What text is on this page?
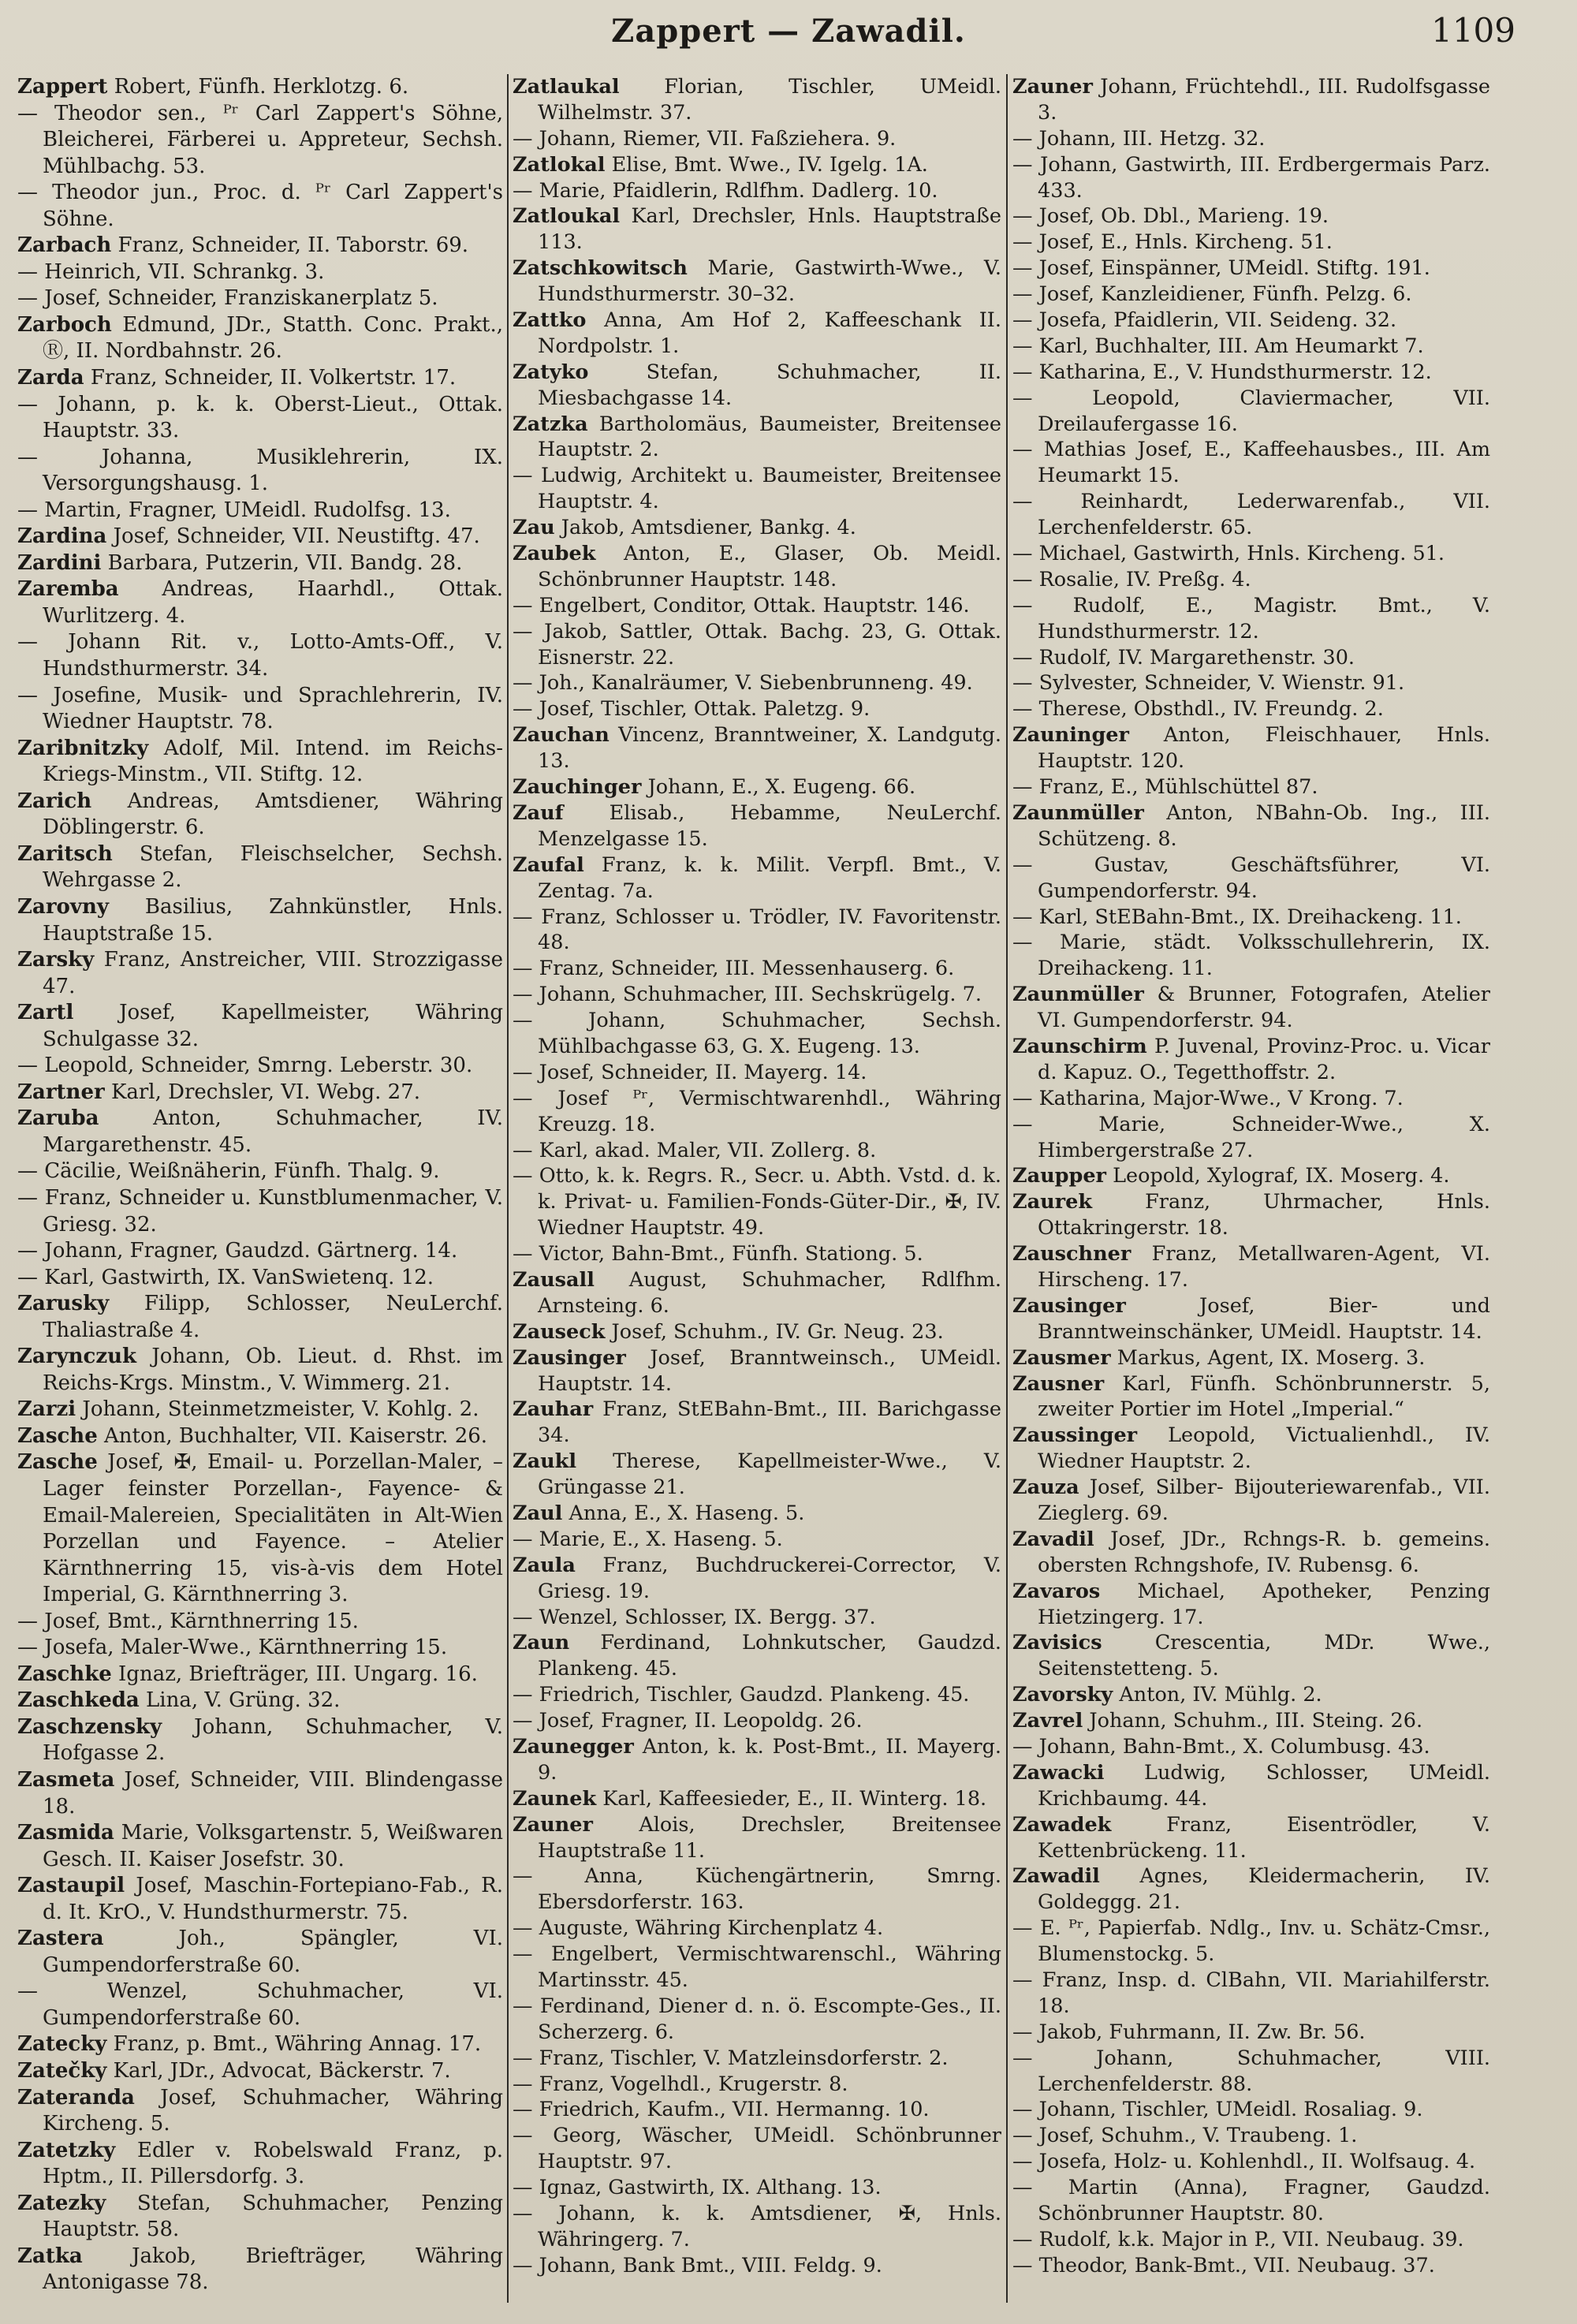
Zappert — Zawadil.	1109

Zappert Robert, Fünfh. Herklotzg. 6.

— Theodor sen., ᴾʳ Carl Zappert's Söhne, Bleicherei, Färberei u. Appreteur, Sechsh. Mühlbachg. 53.

— Theodor jun., Proc. d. ᴾʳ Carl Zappert's Söhne.

Zarbach Franz, Schneider, II. Taborstr. 69.

— Heinrich, VII. Schrankg. 3.

— Josef, Schneider, Franziskanerplatz 5.

Zarboch Edmund, JDr., Statth. Conc. Prakt., Ⓡ, II. Nordbahnstr. 26.

Zarda Franz, Schneider, II. Volkertstr. 17.

— Johann, p. k. k. Oberst-Lieut., Ottak. Hauptstr. 33.

— Johanna, Musiklehrerin, IX. Versorgungshausg. 1.

— Martin, Fragner, UMeidl. Rudolfsg. 13.

Zardina Josef, Schneider, VII. Neustiftg. 47.

Zardini Barbara, Putzerin, VII. Bandg. 28.

Zaremba Andreas, Haarhdl., Ottak. Wurlitzerg. 4.

— Johann Rit. v., Lotto-Amts-Off., V. Hundsthurmerstr. 34.

— Josefine, Musik- und Sprachlehrerin, IV. Wiedner Hauptstr. 78.

Zaribnitzky Adolf, Mil. Intend. im Reichs-Kriegs-Minstm., VII. Stiftg. 12.

Zarich Andreas, Amtsdiener, Währing Döblingerstr. 6.

Zaritsch Stefan, Fleischselcher, Sechsh. Wehrgasse 2.

Zarovny Basilius, Zahnkünstler, Hnls. Hauptstraße 15.

Zarsky Franz, Anstreicher, VIII. Strozzigasse 47.

Zartl Josef, Kapellmeister, Währing Schulgasse 32.

— Leopold, Schneider, Smrng. Leberstr. 30.

Zartner Karl, Drechsler, VI. Webg. 27.

Zaruba Anton, Schuhmacher, IV. Margarethenstr. 45.

— Cäcilie, Weißnäherin, Fünfh. Thalg. 9.

— Franz, Schneider u. Kunstblumenmacher, V. Griesg. 32.

— Johann, Fragner, Gaudzd. Gärtnerg. 14.

— Karl, Gastwirth, IX. VanSwietenq. 12.

Zarusky Filipp, Schlosser, NeuLerchf. Thaliastraße 4.

Zarynczuk Johann, Ob. Lieut. d. Rhst. im Reichs-Krgs. Minstm., V. Wimmerg. 21.

Zarzi Johann, Steinmetzmeister, V. Kohlg. 2.

Zasche Anton, Buchhalter, VII. Kaiserstr. 26.

Zasche Josef, ✠, Email- u. Porzellan-Maler, – Lager feinster Porzellan-, Fayence- & Email-Malereien, Specialitäten in Alt-Wien Porzellan und Fayence. – Atelier Kärnthnerring 15, vis-à-vis dem Hotel Imperial, G. Kärnthnerring 3.

— Josef, Bmt., Kärnthnerring 15.

— Josefa, Maler-Wwe., Kärnthnerring 15.

Zaschke Ignaz, Briefträger, III. Ungarg. 16.

Zaschkeda Lina, V. Grüng. 32.

Zaschzensky Johann, Schuhmacher, V. Hofgasse 2.

Zasmeta Josef, Schneider, VIII. Blindengasse 18.

Zasmida Marie, Volksgartenstr. 5, Weißwaren Gesch. II. Kaiser Josefstr. 30.

Zastaupil Josef, Maschin-Fortepiano-Fab., R. d. It. KrO., V. Hundsthurmerstr. 75.

Zastera Joh., Spängler, VI. Gumpendorferstraße 60.

— Wenzel, Schuhmacher, VI. Gumpendorferstraße 60.

Zatecky Franz, p. Bmt., Währing Annag. 17.

Zatečky Karl, JDr., Advocat, Bäckerstr. 7.

Zateranda Josef, Schuhmacher, Währing Kircheng. 5.

Zatetzky Edler v. Robelswald Franz, p. Hptm., II. Pillersdorfg. 3.

Zatezky Stefan, Schuhmacher, Penzing Hauptstr. 58.

Zatka Jakob, Briefträger, Währing Antonigasse 78.

Zatlaukal Florian, Tischler, UMeidl. Wilhelmstr. 37.

— Johann, Riemer, VII. Faßziehera. 9.

Zatlokal Elise, Bmt. Wwe., IV. Igelg. 1A.

— Marie, Pfaidlerin, Rdlfhm. Dadlerg. 10.

Zatloukal Karl, Drechsler, Hnls. Hauptstraße 113.

Zatschkowitsch Marie, Gastwirth-Wwe., V. Hundsthurmerstr. 30–32.

Zattko Anna, Am Hof 2, Kaffeeschank II. Nordpolstr. 1.

Zatyko Stefan, Schuhmacher, II. Miesbachgasse 14.

Zatzka Bartholomäus, Baumeister, Breitensee Hauptstr. 2.

— Ludwig, Architekt u. Baumeister, Breitensee Hauptstr. 4.

Zau Jakob, Amtsdiener, Bankg. 4.

Zaubek Anton, E., Glaser, Ob. Meidl. Schönbrunner Hauptstr. 148.

— Engelbert, Conditor, Ottak. Hauptstr. 146.

— Jakob, Sattler, Ottak. Bachg. 23, G. Ottak. Eisnerstr. 22.

— Joh., Kanalräumer, V. Siebenbrunneng. 49.

— Josef, Tischler, Ottak. Paletzg. 9.

Zauchan Vincenz, Branntweiner, X. Landgutg. 13.

Zauchinger Johann, E., X. Eugeng. 66.

Zauf Elisab., Hebamme, NeuLerchf. Menzelgasse 15.

Zaufal Franz, k. k. Milit. Verpfl. Bmt., V. Zentag. 7a.

— Franz, Schlosser u. Trödler, IV. Favoritenstr. 48.

— Franz, Schneider, III. Messenhauserg. 6.

— Johann, Schuhmacher, III. Sechskrügelg. 7.

— Johann, Schuhmacher, Sechsh. Mühlbachgasse 63, G. X. Eugeng. 13.

— Josef, Schneider, II. Mayerg. 14.

— Josef ᴾʳ, Vermischtwarenhdl., Währing Kreuzg. 18.

— Karl, akad. Maler, VII. Zollerg. 8.

— Otto, k. k. Regrs. R., Secr. u. Abth. Vstd. d. k. k. Privat- u. Familien-Fonds-Güter-Dir., ✠, IV. Wiedner Hauptstr. 49.

— Victor, Bahn-Bmt., Fünfh. Stationg. 5.

Zausall August, Schuhmacher, Rdlfhm. Arnsteing. 6.

Zauseck Josef, Schuhm., IV. Gr. Neug. 23.

Zausinger Josef, Branntweinsch., UMeidl. Hauptstr. 14.

Zauhar Franz, StEBahn-Bmt., III. Barichgasse 34.

Zaukl Therese, Kapellmeister-Wwe., V. Grüngasse 21.

Zaul Anna, E., X. Haseng. 5.

— Marie, E., X. Haseng. 5.

Zaula Franz, Buchdruckerei-Corrector, V. Griesg. 19.

— Wenzel, Schlosser, IX. Bergg. 37.

Zaun Ferdinand, Lohnkutscher, Gaudzd. Plankeng. 45.

— Friedrich, Tischler, Gaudzd. Plankeng. 45.

— Josef, Fragner, II. Leopoldg. 26.

Zaunegger Anton, k. k. Post-Bmt., II. Mayerg. 9.

Zaunek Karl, Kaffeesieder, E., II. Winterg. 18.

Zauner Alois, Drechsler, Breitensee Hauptstraße 11.

— Anna, Küchengärtnerin, Smrng. Ebersdorferstr. 163.

— Auguste, Währing Kirchenplatz 4.

— Engelbert, Vermischtwarenschl., Währing Martinsstr. 45.

— Ferdinand, Diener d. n. ö. Escompte-Ges., II. Scherzerg. 6.

— Franz, Tischler, V. Matzleinsdorferstr. 2.

— Franz, Vogelhdl., Krugerstr. 8.

— Friedrich, Kaufm., VII. Hermanng. 10.

— Georg, Wäscher, UMeidl. Schönbrunner Hauptstr. 97.

— Ignaz, Gastwirth, IX. Althang. 13.

— Johann, k. k. Amtsdiener, ✠, Hnls. Währingerg. 7.

— Johann, Bank Bmt., VIII. Feldg. 9.

Zauner Johann, Früchtehdl., III. Rudolfsgasse 3.

— Johann, III. Hetzg. 32.

— Johann, Gastwirth, III. Erdbergermais Parz. 433.

— Josef, Ob. Dbl., Marieng. 19.

— Josef, E., Hnls. Kircheng. 51.

— Josef, Einspänner, UMeidl. Stiftg. 191.

— Josef, Kanzleidiener, Fünfh. Pelzg. 6.

— Josefa, Pfaidlerin, VII. Seideng. 32.

— Karl, Buchhalter, III. Am Heumarkt 7.

— Katharina, E., V. Hundsthurmerstr. 12.

— Leopold, Claviermacher, VII. Dreilaufergasse 16.

— Mathias Josef, E., Kaffeehausbes., III. Am Heumarkt 15.

— Reinhardt, Lederwarenfab., VII. Lerchenfelderstr. 65.

— Michael, Gastwirth, Hnls. Kircheng. 51.

— Rosalie, IV. Preßg. 4.

— Rudolf, E., Magistr. Bmt., V. Hundsthurmerstr. 12.

— Rudolf, IV. Margarethenstr. 30.

— Sylvester, Schneider, V. Wienstr. 91.

— Therese, Obsthdl., IV. Freundg. 2.

Zauninger Anton, Fleischhauer, Hnls. Hauptstr. 120.

— Franz, E., Mühlschüttel 87.

Zaunmüller Anton, NBahn-Ob. Ing., III. Schützeng. 8.

— Gustav, Geschäftsführer, VI. Gumpendorferstr. 94.

— Karl, StEBahn-Bmt., IX. Dreihackeng. 11.

— Marie, städt. Volksschullehrerin, IX. Dreihackeng. 11.

Zaunmüller & Brunner, Fotografen, Atelier VI. Gumpendorferstr. 94.

Zaunschirm P. Juvenal, Provinz-Proc. u. Vicar d. Kapuz. O., Tegetthoffstr. 2.

— Katharina, Major-Wwe., V Krong. 7.

— Marie, Schneider-Wwe., X. Himbergerstraße 27.

Zaupper Leopold, Xylograf, IX. Moserg. 4.

Zaurek Franz, Uhrmacher, Hnls. Ottakringerstr. 18.

Zauschner Franz, Metallwaren-Agent, VI. Hirscheng. 17.

Zausinger Josef, Bier- und Branntweinschänker, UMeidl. Hauptstr. 14.

Zausmer Markus, Agent, IX. Moserg. 3.

Zausner Karl, Fünfh. Schönbrunnerstr. 5, zweiter Portier im Hotel „Imperial.“

Zaussinger Leopold, Victualienhdl., IV. Wiedner Hauptstr. 2.

Zauza Josef, Silber- Bijouteriewarenfab., VII. Zieglerg. 69.

Zavadil Josef, JDr., Rchngs-R. b. gemeins. obersten Rchngshofe, IV. Rubensg. 6.

Zavaros Michael, Apotheker, Penzing Hietzingerg. 17.

Zavisics Crescentia, MDr. Wwe., Seitenstetteng. 5.

Zavorsky Anton, IV. Mühlg. 2.

Zavrel Johann, Schuhm., III. Steing. 26.

— Johann, Bahn-Bmt., X. Columbusg. 43.

Zawacki Ludwig, Schlosser, UMeidl. Krichbaumg. 44.

Zawadek Franz, Eisentrödler, V. Kettenbrückeng. 11.

Zawadil Agnes, Kleidermacherin, IV. Goldeggg. 21.

— E. ᴾʳ, Papierfab. Ndlg., Inv. u. Schätz-Cmsr., Blumenstockg. 5.

— Franz, Insp. d. ClBahn, VII. Mariahilferstr. 18.

— Jakob, Fuhrmann, II. Zw. Br. 56.

— Johann, Schuhmacher, VIII. Lerchenfelderstr. 88.

— Johann, Tischler, UMeidl. Rosaliag. 9.

— Josef, Schuhm., V. Traubeng. 1.

— Josefa, Holz- u. Kohlenhdl., II. Wolfsaug. 4.

— Martin (Anna), Fragner, Gaudzd. Schönbrunner Hauptstr. 80.

— Rudolf, k.k. Major in P., VII. Neubaug. 39.

— Theodor, Bank-Bmt., VII. Neubaug. 37.
